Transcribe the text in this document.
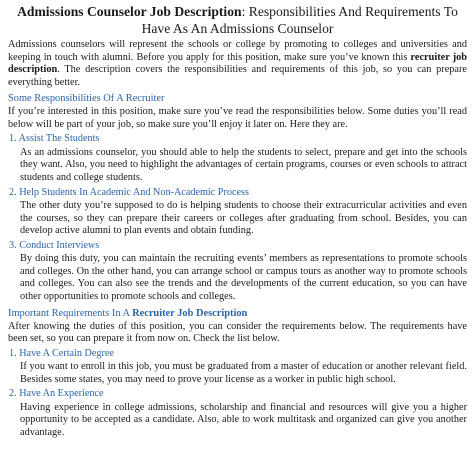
Admissions Counselor Job Description: Responsibilities And Requirements To Have As An Admissions Counselor

Admissions counselors will represent the schools or college by promoting to colleges and universities and keeping in touch with alumni. Before you apply for this position, make sure you’ve known this recruiter job description. The description covers the responsibilities and requirements of this job, so you can prepare everything better.

Some Responsibilities Of A Recruiter

If you’re interested in this position, make sure you’ve read the responsibilities below. Some duties you’ll read below will be part of your job, so make sure you’ll enjoy it later on. Here they are.

1. Assist The Students

As an admissions counselor, you should able to help the students to select, prepare and get into the schools they want. Also, you need to highlight the advantages of certain programs, courses or even schools to attract students and college students.

2. Help Students In Academic And Non-Academic Process

The other duty you’re supposed to do is helping students to choose their extracurricular activities and even the courses, so they can prepare their careers or colleges after graduating from school. Besides, you can develop active alumni to plan events and obtain funding.

3. Conduct Interviews

By doing this duty, you can maintain the recruiting events’ members as representations to promote schools and colleges. On the other hand, you can arrange school or campus tours as another way to promote schools and colleges. You can also see the trends and the developments of the current education, so you can have other opportunities to promote schools and colleges.

Important Requirements In A Recruiter Job Description

After knowing the duties of this position, you can consider the requirements below. The requirements have been set, so you can prepare it from now on. Check the list below.

1. Have A Certain Degree

If you want to enroll in this job, you must be graduated from a master of education or another relevant field. Besides some states, you may need to prove your license as a worker in public high school.

2. Have An Experience

Having experience in college admissions, scholarship and financial and resources will give you a higher opportunity to be accepted as a candidate. Also, able to work multitask and organized can give you another advantage.
